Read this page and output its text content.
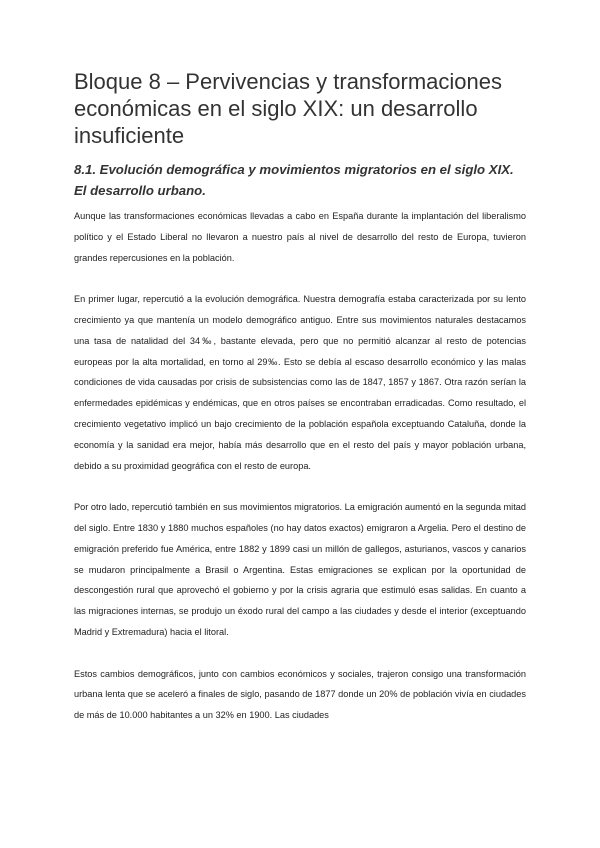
Bloque 8 – Pervivencias y transformaciones económicas en el siglo XIX: un desarrollo insuficiente
8.1. Evolución demográfica y movimientos migratorios en el siglo XIX. El desarrollo urbano.

Aunque las transformaciones económicas llevadas a cabo en España durante la implantación del liberalismo político y el Estado Liberal no llevaron a nuestro país al nivel de desarrollo del resto de Europa, tuvieron grandes repercusiones en la población.

En primer lugar, repercutió a la evolución demográfica. Nuestra demografía estaba caracterizada por su lento crecimiento ya que mantenía un modelo demográfico antiguo. Entre sus movimientos naturales destacamos una tasa de natalidad del 34‰, bastante elevada, pero que no permitió alcanzar al resto de potencias europeas por la alta mortalidad, en torno al 29‰. Esto se debía al escaso desarrollo económico y las malas condiciones de vida causadas por crisis de subsistencias como las de 1847, 1857 y 1867. Otra razón serían la enfermedades epidémicas y endémicas, que en otros países se encontraban erradicadas. Como resultado, el crecimiento vegetativo implicó un bajo crecimiento de la población española exceptuando Cataluña, donde la economía y la sanidad era mejor, había más desarrollo que en el resto del país y mayor población urbana, debido a su proximidad geográfica con el resto de europa.

Por otro lado, repercutió también en sus movimientos migratorios. La emigración aumentó en la segunda mitad del siglo. Entre 1830 y 1880 muchos españoles (no hay datos exactos) emigraron a Argelia. Pero el destino de emigración preferido fue América, entre 1882 y 1899 casi un millón de gallegos, asturianos, vascos y canarios se mudaron principalmente a Brasil o Argentina. Estas emigraciones se explican por la oportunidad de descongestión rural que aprovechó el gobierno y por la crisis agraria que estimuló esas salidas. En cuanto a las migraciones internas, se produjo un éxodo rural del campo a las ciudades y desde el interior (exceptuando Madrid y Extremadura) hacia el litoral.

Estos cambios demográficos, junto con cambios económicos y sociales, trajeron consigo una transformación urbana lenta que se aceleró a finales de siglo, pasando de 1877 donde un 20% de población vivía en ciudades de más de 10.000 habitantes a un 32% en 1900. Las ciudades
